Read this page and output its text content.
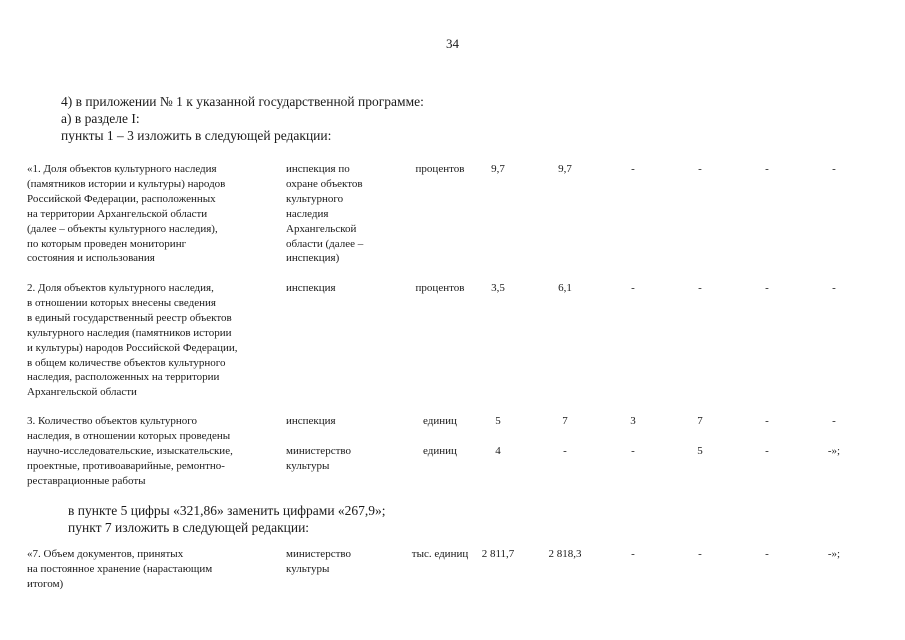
34
4) в приложении № 1 к указанной государственной программе:
а) в разделе I:
пункты 1 – 3 изложить в следующей редакции:
«1. Доля объектов культурного наследия
(памятников истории и культуры) народов
Российской Федерации, расположенных
на территории Архангельской области
(далее – объекты культурного наследия),
по которым проведен мониторинг
состояния и использования
инспекция по
охране объектов
культурного
наследия
Архангельской
области (далее –
инспекция)
процентов	9,7	9,7	-	-	-	-
2. Доля объектов культурного наследия,
в отношении которых внесены сведения
в единый государственный реестр объектов
культурного наследия (памятников истории
и культуры) народов Российской Федерации,
в общем количестве объектов культурного
наследия, расположенных на территории
Архангельской области
инспекция	процентов	3,5	6,1	-	-	-	-
3. Количество объектов культурного
наследия, в отношении которых проведены
научно-исследовательские, изыскательские,
проектные, противоаварийные, ремонтно-
реставрационные работы
инспекция	единиц	5	7	3	7	-	-
министерство
культуры
единиц	4	-	-	5	-	-»;
в пункте 5 цифры «321,86» заменить цифрами «267,9»;
пункт 7 изложить в следующей редакции:
«7. Объем документов, принятых
на постоянное хранение (нарастающим
итогом)
министерство
культуры
тыс. единиц	2 811,7	2 818,3	-	-	-	-»;
